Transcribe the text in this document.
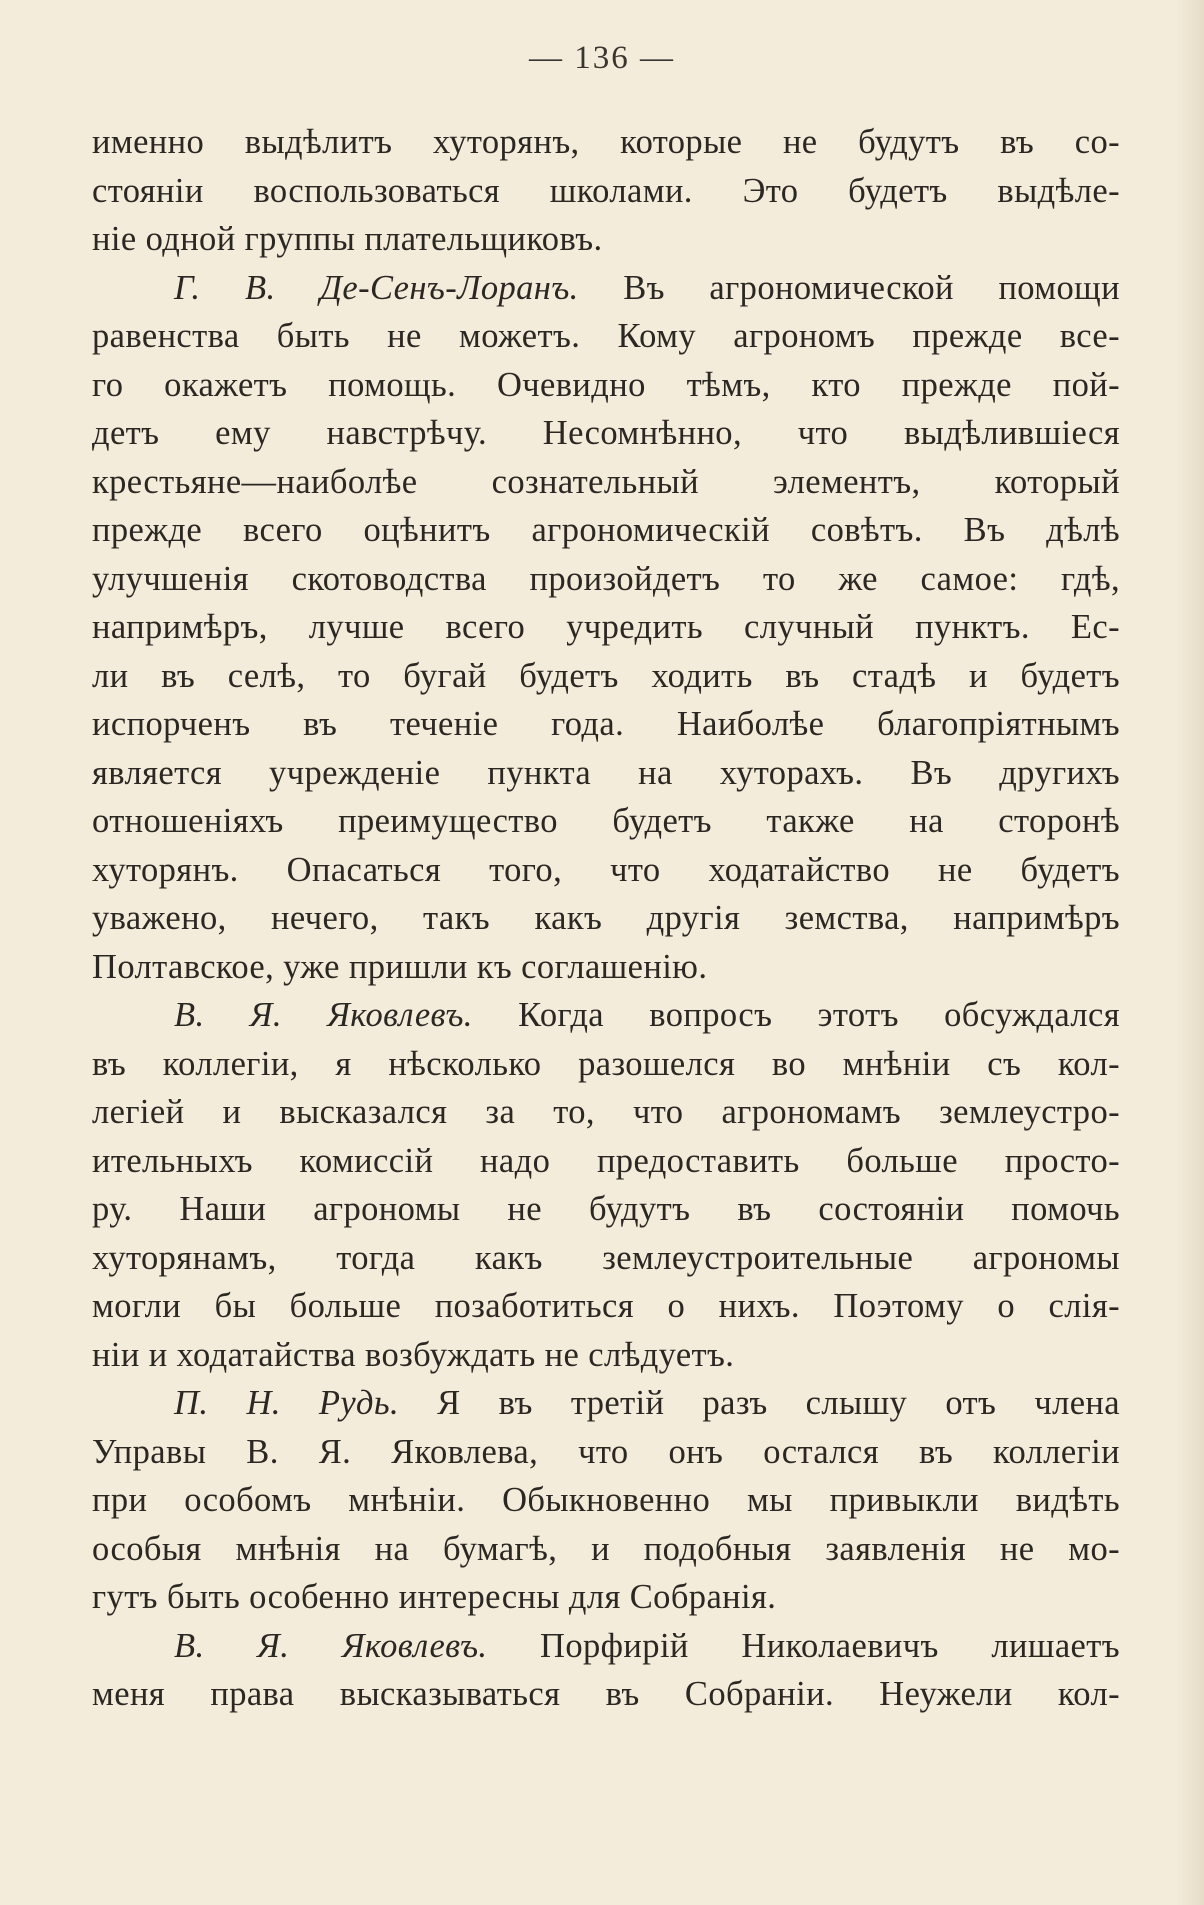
— 136 —
именно выдѣлитъ хуторянъ, которые не будутъ въ со-
стояніи воспользоваться школами. Это будетъ выдѣле-
ніе одной группы плательщиковъ.
Г. В. Де-Сенъ-Лоранъ. Въ агрономической помощи
равенства быть не можетъ. Кому агрономъ прежде все-
го окажетъ помощь. Очевидно тѣмъ, кто прежде пой-
детъ ему навстрѣчу. Несомнѣнно, что выдѣлившіеся
крестьяне—наиболѣе сознательный элементъ, который
прежде всего оцѣнитъ агрономическій совѣтъ. Въ дѣлѣ
улучшенія скотоводства произойдетъ то же самое: гдѣ,
напримѣръ, лучше всего учредить случный пунктъ. Ес-
ли въ селѣ, то бугай будетъ ходить въ стадѣ и будетъ
испорченъ въ теченіе года. Наиболѣе благопріятнымъ
является учрежденіе пункта на хуторахъ. Въ другихъ
отношеніяхъ преимущество будетъ также на сторонѣ
хуторянъ. Опасаться того, что ходатайство не будетъ
уважено, нечего, такъ какъ другія земства, напримѣръ
Полтавское, уже пришли къ соглашенію.
В. Я. Яковлевъ. Когда вопросъ этотъ обсуждался
въ коллегіи, я нѣсколько разошелся во мнѣніи съ кол-
легіей и высказался за то, что агрономамъ землеустро-
ительныхъ комиссій надо предоставить больше просто-
ру. Наши агрономы не будутъ въ состояніи помочь
хуторянамъ, тогда какъ землеустроительные агрономы
могли бы больше позаботиться о нихъ. Поэтому о слія-
ніи и ходатайства возбуждать не слѣдуетъ.
П. Н. Рудь. Я въ третій разъ слышу отъ члена
Управы В. Я. Яковлева, что онъ остался въ коллегіи
при особомъ мнѣніи. Обыкновенно мы привыкли видѣть
особыя мнѣнія на бумагѣ, и подобныя заявленія не мо-
гутъ быть особенно интересны для Собранія.
В. Я. Яковлевъ. Порфирій Николаевичъ лишаетъ
меня права высказываться въ Собраніи. Неужели кол-
